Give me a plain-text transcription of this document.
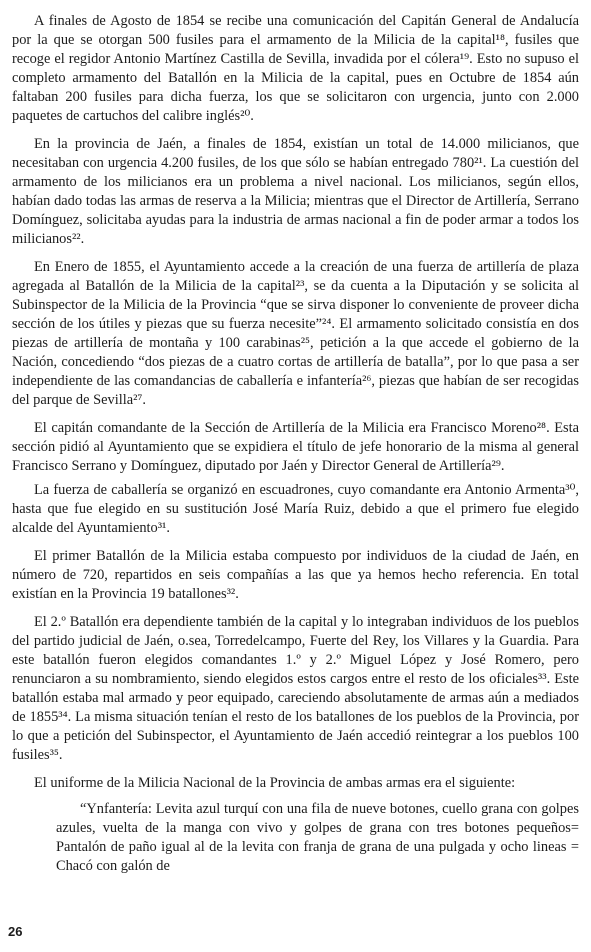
A finales de Agosto de 1854 se recibe una comunicación del Capitán General de Andalucía por la que se otorgan 500 fusiles para el armamento de la Milicia de la capital¹⁸, fusiles que recoge el regidor Antonio Martínez Castilla de Sevilla, invadida por el cólera¹⁹. Esto no supuso el completo armamento del Batallón en la Milicia de la capital, pues en Octubre de 1854 aún faltaban 200 fusiles para dicha fuerza, los que se solicitaron con urgencia, junto con 2.000 paquetes de cartuchos del calibre inglés²⁰.

En la provincia de Jaén, a finales de 1854, existían un total de 14.000 milicianos, que necesitaban con urgencia 4.200 fusiles, de los que sólo se habían entregado 780²¹. La cuestión del armamento de los milicianos era un problema a nivel nacional. Los milicianos, según ellos, habían dado todas las armas de reserva a la Milicia; mientras que el Director de Artillería, Serrano Domínguez, solicitaba ayudas para la industria de armas nacional a fin de poder armar a todos los milicianos²².

En Enero de 1855, el Ayuntamiento accede a la creación de una fuerza de artillería de plaza agregada al Batallón de la Milicia de la capital²³, se da cuenta a la Diputación y se solicita al Subinspector de la Milicia de la Provincia “que se sirva disponer lo conveniente de proveer dicha sección de los útiles y piezas que su fuerza necesite”²⁴. El armamento solicitado consistía en dos piezas de artillería de montaña y 100 carabinas²⁵, petición a la que accede el gobierno de la Nación, concediendo “dos piezas de a cuatro cortas de artillería de batalla”, por lo que pasa a ser independiente de las comandancias de caballería e infantería²⁶, piezas que habían de ser recogidas del parque de Sevilla²⁷.

El capitán comandante de la Sección de Artillería de la Milicia era Francisco Moreno²⁸. Esta sección pidió al Ayuntamiento que se expidiera el título de jefe honorario de la misma al general Francisco Serrano y Domínguez, diputado por Jaén y Director General de Artillería²⁹.

La fuerza de caballería se organizó en escuadrones, cuyo comandante era Antonio Armenta³⁰, hasta que fue elegido en su sustitución José María Ruiz, debido a que el primero fue elegido alcalde del Ayuntamiento³¹.

El primer Batallón de la Milicia estaba compuesto por individuos de la ciudad de Jaén, en número de 720, repartidos en seis compañías a las que ya hemos hecho referencia. En total existían en la Provincia 19 batallones³².

El 2.º Batallón era dependiente también de la capital y lo integraban individuos de los pueblos del partido judicial de Jaén, o.sea, Torredelcampo, Fuerte del Rey, los Villares y la Guardia. Para este batallón fueron elegidos comandantes 1.º y 2.º Miguel López y José Romero, pero renunciaron a su nombramiento, siendo elegidos estos cargos entre el resto de los oficiales³³. Este batallón estaba mal armado y peor equipado, careciendo absolutamente de armas aún a mediados de 1855³⁴. La misma situación tenían el resto de los batallones de los pueblos de la Provincia, por lo que a petición del Subinspector, el Ayuntamiento de Jaén accedió reintegrar a los pueblos 100 fusiles³⁵.

El uniforme de la Milicia Nacional de la Provincia de ambas armas era el siguiente:

“Ynfantería: Levita azul turquí con una fila de nueve botones, cuello grana con golpes azules, vuelta de la manga con vivo y golpes de grana con tres botones pequeños= Pantalón de paño igual al de la levita con franja de grana de una pulgada y ocho lineas = Chacó con galón de

26
